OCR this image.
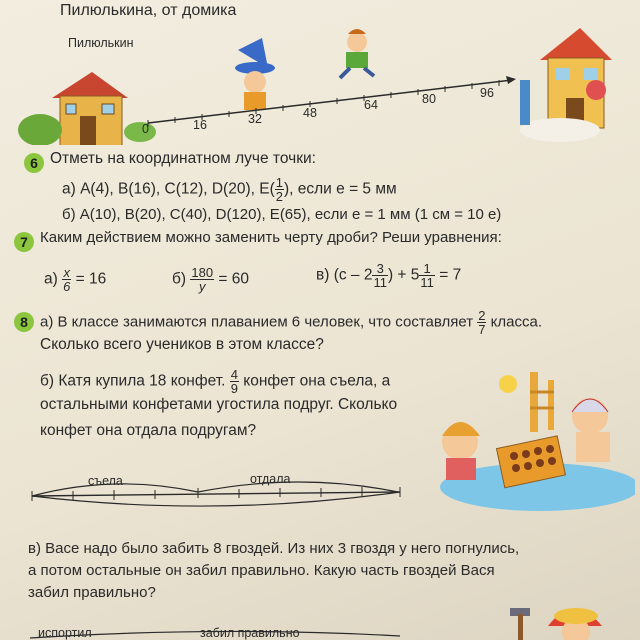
Пилюлькина, от домика
Пилюлькин
0	16	32	48
64	80	96
6 Отметь на координатном луче точки:
а) A(4), B(16), C(12), D(20), $E( \frac{1}{2}$ ), если e = 5 мм
б) A(10), B(20), C(40), D(120), E(65), если e = 1 мм (1 см = 10 e)
7 Каким действием можно заменить черту дроби? Реши уравнения:
$а) \frac{x}{6} = 16$	$б) \frac{180}{y} = 60$	в) ($c - 2 \frac{3}{11}$ ) + $5 \frac{1}{11} = 7$
8 а) В классе занимаются плаванием 6 человек, что составляет $\frac{2}{7}$ класса.
Сколько всего учеников в этом классе?
б) Катя купила 18 конфет. $\frac{4}{9}$ конфет она съела, а
остальными конфетами угостила подруг. Сколько
конфет она отдала подругам?
съела	отдала
в) Васе надо было забить 8 гвоздей. Из них 3 гвоздя у него погнулись,
а потом остальные он забил правильно. Какую часть гвоздей Вася
забил правильно?
испортил	забил правильно
